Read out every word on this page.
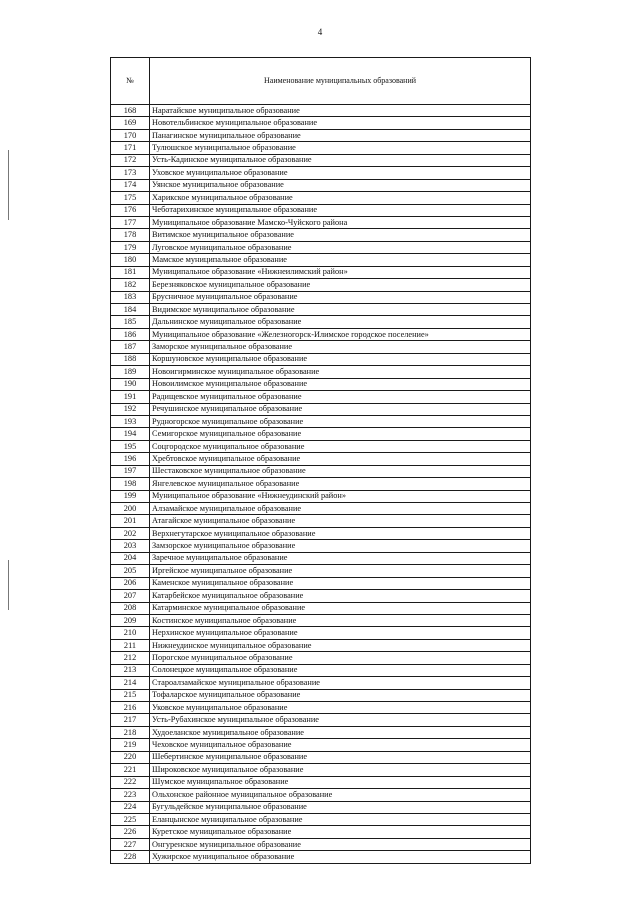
4
№	Наименование муниципальных образований
168	Наратайское муниципальное образование
169	Новотельбинское муниципальное образование
170	Панагинское муниципальное образование
171	Тулюшское муниципальное образование
172	Усть-Кадинское муниципальное образование
173	Уховское муниципальное образование
174	Уянское муниципальное образование
175	Харикское муниципальное образование
176	Чеботарихинское муниципальное образование
177	Муниципальное образование Мамско-Чуйского района
178	Витимское муниципальное образование
179	Луговское муниципальное образование
180	Мамское муниципальное образование
181	Муниципальное образование «Нижнеилимский район»
182	Березняковское муниципальное образование
183	Брусничное муниципальное образование
184	Видимское муниципальное образование
185	Дальнинское муниципальное образование
186	Муниципальное образование «Железногорск-Илимское городское поселение»
187	Заморское муниципальное образование
188	Коршуновское муниципальное образование
189	Новоигирминское муниципальное образование
190	Новоилимское муниципальное образование
191	Радищевское муниципальное образование
192	Речушинское муниципальное образование
193	Рудногорское муниципальное образование
194	Семигорское муниципальное образование
195	Соцгородское муниципальное образование
196	Хребтовское муниципальное образование
197	Шестаковское муниципальное образование
198	Янгелевское муниципальное образование
199	Муниципальное образование «Нижнеудинский район»
200	Алзамайское муниципальное образование
201	Атагайское муниципальное образование
202	Верхнегутарское муниципальное образование
203	Замзорское муниципальное образование
204	Заречное муниципальное образование
205	Иргейское муниципальное образование
206	Каменское муниципальное образование
207	Катарбейское муниципальное образование
208	Катарминское муниципальное образование
209	Костинское муниципальное образование
210	Нерхинское муниципальное образование
211	Нижнеудинское муниципальное образование
212	Порогское муниципальное образование
213	Солонецкое муниципальное образование
214	Староалзамайское муниципальное образование
215	Тофаларское муниципальное образование
216	Уковское муниципальное образование
217	Усть-Рубахинское муниципальное образование
218	Худоеланское муниципальное образование
219	Чеховское муниципальное образование
220	Шебертинское муниципальное образование
221	Широковское муниципальное образование
222	Шумское муниципальное образование
223	Ольхонское районное муниципальное образование
224	Бугульдейское муниципальное образование
225	Еланцынское муниципальное образование
226	Куретское муниципальное образование
227	Онгуренское муниципальное образование
228	Хужирское муниципальное образование
